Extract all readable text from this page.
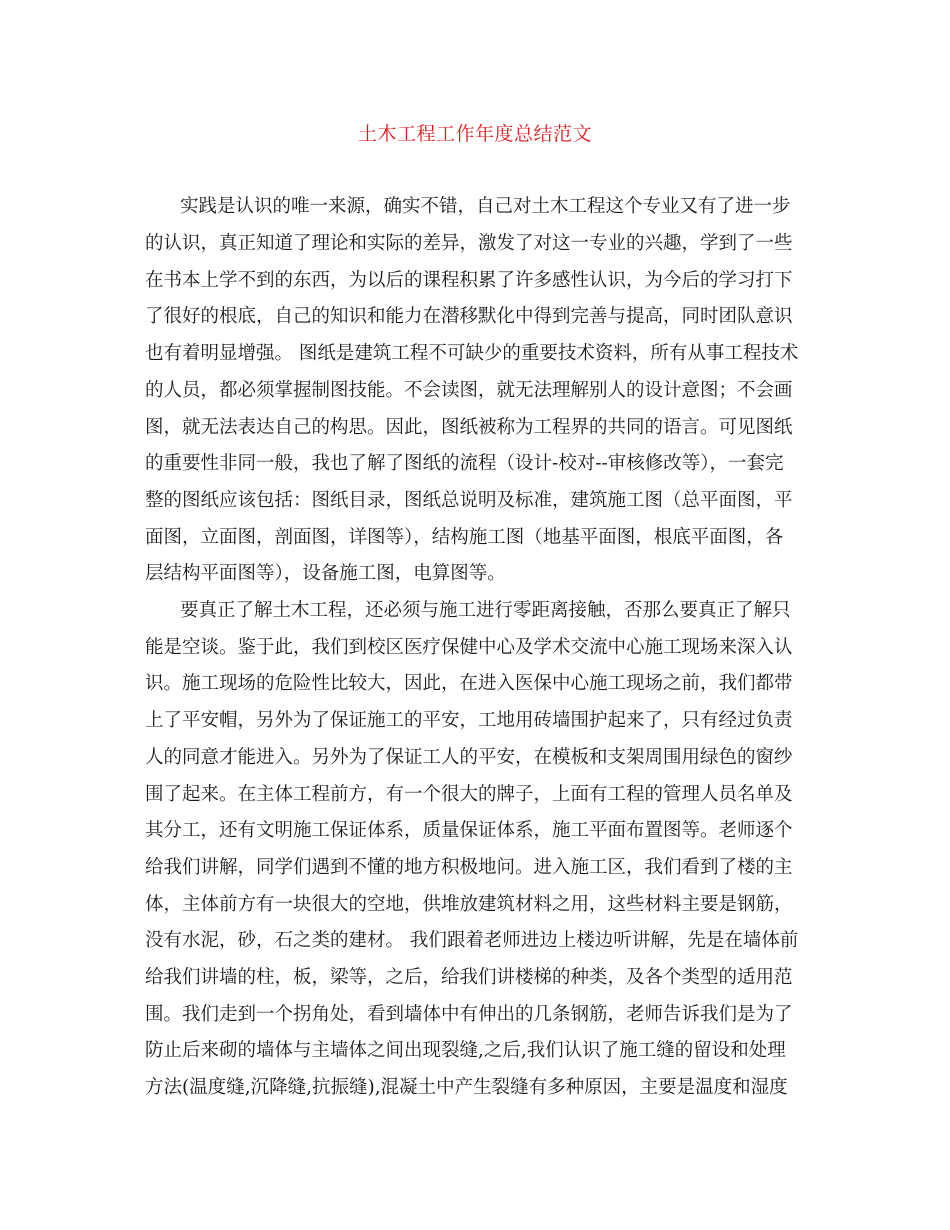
土木工程工作年度总结范文
实践是认识的唯一来源，确实不错，自己对土木工程这个专业又有了进一步
的认识，真正知道了理论和实际的差异，激发了对这一专业的兴趣，学到了一些
在书本上学不到的东西，为以后的课程积累了许多感性认识，为今后的学习打下
了很好的根底，自己的知识和能力在潜移默化中得到完善与提高，同时团队意识
也有着明显增强。 图纸是建筑工程不可缺少的重要技术资料，所有从事工程技术
的人员，都必须掌握制图技能。不会读图，就无法理解别人的设计意图；不会画
图，就无法表达自己的构思。因此，图纸被称为工程界的共同的语言。可见图纸
的重要性非同一般，我也了解了图纸的流程（设计-校对--审核修改等），一套完
整的图纸应该包括：图纸目录，图纸总说明及标准，建筑施工图（总平面图，平
面图，立面图，剖面图，详图等），结构施工图（地基平面图，根底平面图，各
层结构平面图等），设备施工图，电算图等。
要真正了解土木工程，还必须与施工进行零距离接触，否那么要真正了解只
能是空谈。鉴于此，我们到校区医疗保健中心及学术交流中心施工现场来深入认
识。施工现场的危险性比较大，因此，在进入医保中心施工现场之前，我们都带
上了平安帽，另外为了保证施工的平安，工地用砖墙围护起来了，只有经过负责
人的同意才能进入。另外为了保证工人的平安，在模板和支架周围用绿色的窗纱
围了起来。在主体工程前方，有一个很大的牌子，上面有工程的管理人员名单及
其分工，还有文明施工保证体系，质量保证体系，施工平面布置图等。老师逐个
给我们讲解，同学们遇到不懂的地方积极地问。进入施工区，我们看到了楼的主
体，主体前方有一块很大的空地，供堆放建筑材料之用，这些材料主要是钢筋，
没有水泥，砂，石之类的建材。 我们跟着老师进边上楼边听讲解，先是在墙体前
给我们讲墙的柱，板，梁等，之后，给我们讲楼梯的种类，及各个类型的适用范
围。我们走到一个拐角处，看到墙体中有伸出的几条钢筋，老师告诉我们是为了
防止后来砌的墙体与主墙体之间出现裂缝,之后,我们认识了施工缝的留设和处理
方法(温度缝,沉降缝,抗振缝),混凝土中产生裂缝有多种原因，主要是温度和湿度
